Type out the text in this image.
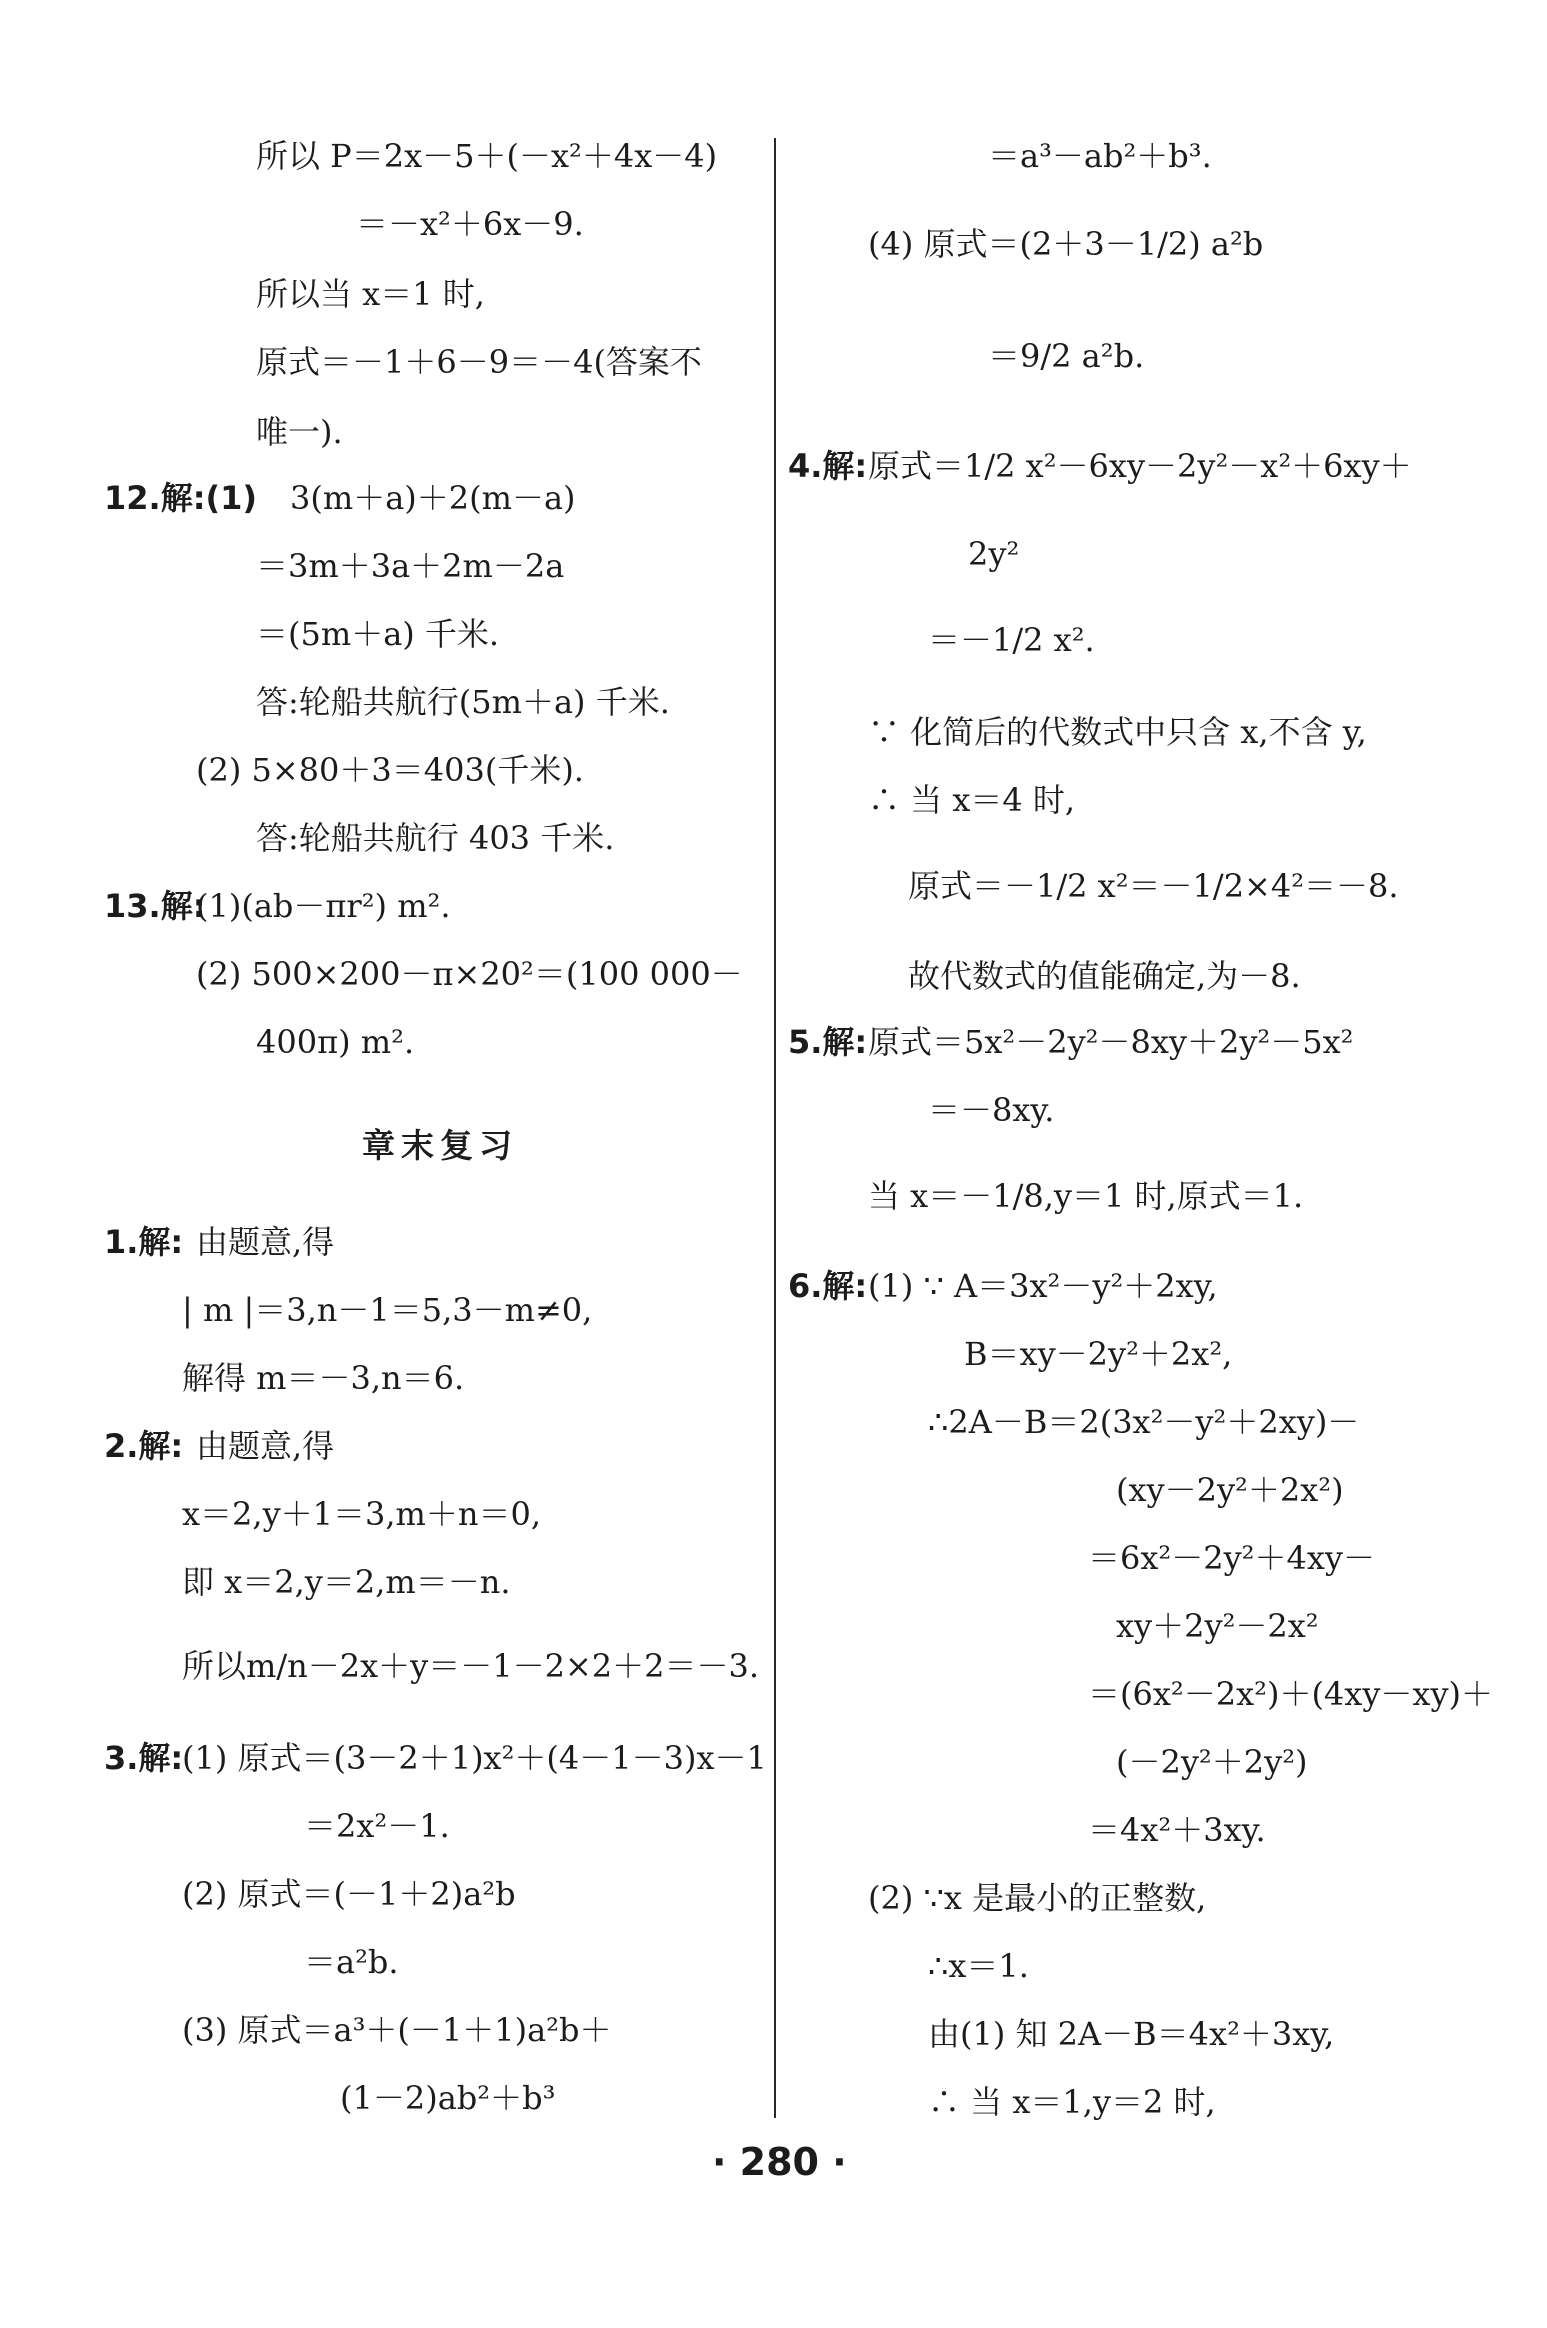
所以 P＝2x－5＋(－x²＋4x－4)
＝－x²＋6x－9.
所以当 x＝1 时,
原式＝－1＋6－9＝－4(答案不
唯一).
12.解:(1) 3(m＋a)＋2(m－a)
＝3m＋3a＋2m－2a
＝(5m＋a) 千米.
答:轮船共航行(5m＋a) 千米.
(2) 5×80＋3＝403(千米).
答:轮船共航行 403 千米.
13.解:
(1)(ab－πr²) m².
(2) 500×200－π×20²＝(100 000－
400π) m².
章末复习
1.解: 由题意,得
| m |＝3,n－1＝5,3－m≠0,
解得 m＝－3,n＝6.
2.解: 由题意,得
x＝2,y＋1＝3,m＋n＝0,
即 x＝2,y＝2,m＝－n.
所以m/n－2x＋y＝－1－2×2＋2＝－3.
3.解:
(1) 原式＝(3－2＋1)x²＋(4－1－3)x－1
＝2x²－1.
(2) 原式＝(－1＋2)a²b
＝a²b.
(3) 原式＝a³＋(－1＋1)a²b＋
(1－2)ab²＋b³
＝a³－ab²＋b³.
(4) 原式＝(2＋3－1/2) a²b
＝9/2 a²b.
4.解: 原式＝1/2 x²－6xy－2y²－x²＋6xy＋
2y²
＝－1/2 x².
∵ 化简后的代数式中只含 x,不含 y,
∴ 当 x＝4 时,
原式＝－1/2 x²＝－1/2×4²＝－8.
故代数式的值能确定,为－8.
5.解: 原式＝5x²－2y²－8xy＋2y²－5x²
＝－8xy.
当 x＝－1/8,y＝1 时,原式＝1.
6.解: (1) ∵ A＝3x²－y²＋2xy,
B＝xy－2y²＋2x²,
∴2A－B＝2(3x²－y²＋2xy)－
(xy－2y²＋2x²)
＝6x²－2y²＋4xy－
xy＋2y²－2x²
＝(6x²－2x²)＋(4xy－xy)＋
(－2y²＋2y²)
＝4x²＋3xy.
(2) ∵x 是最小的正整数,
∴x＝1.
由(1) 知 2A－B＝4x²＋3xy,
∴ 当 x＝1,y＝2 时,
· 280 ·
